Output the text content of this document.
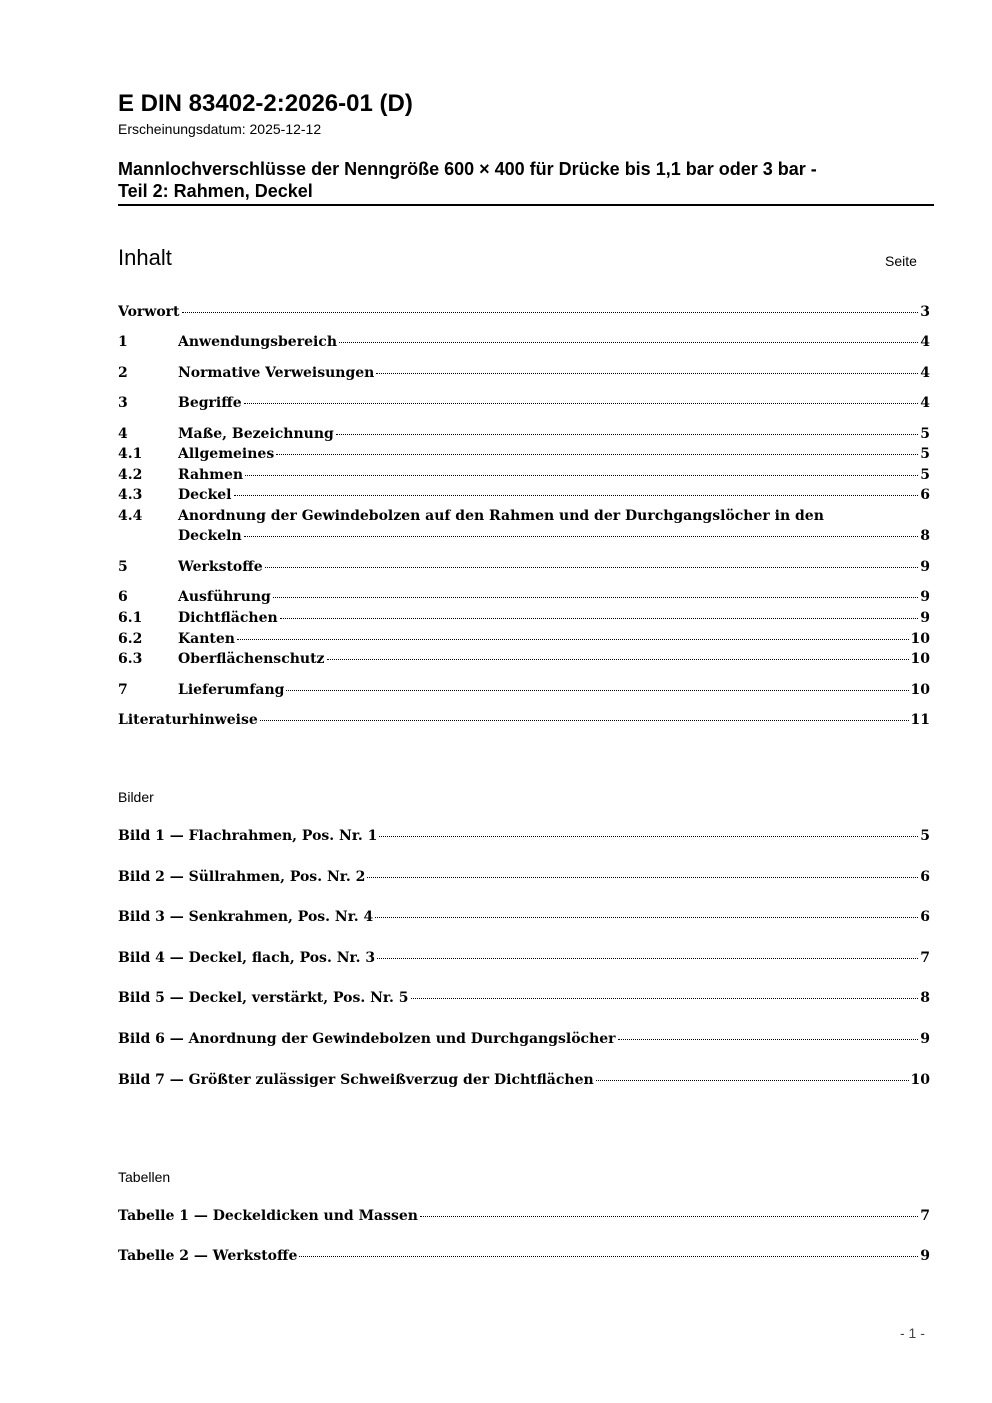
E DIN 83402-2:2026-01 (D)
Erscheinungsdatum: 2025-12-12
Mannlochverschlüsse der Nenngröße 600 × 400 für Drücke bis 1,1 bar oder 3 bar -
Teil 2: Rahmen, Deckel
Inhalt	Seite
Vorwort	3
1	Anwendungsbereich	4
2	Normative Verweisungen	4
3	Begriffe	4
4	Maße, Bezeichnung	5
4.1	Allgemeines	5
4.2	Rahmen	5
4.3	Deckel	6
4.4	Anordnung der Gewindebolzen auf den Rahmen und der Durchgangslöcher in den
Deckeln	8
5	Werkstoffe	9
6	Ausführung	9
6.1	Dichtflächen	9
6.2	Kanten	10
6.3	Oberflächenschutz	10
7	Lieferumfang	10
Literaturhinweise	11
Bilder
Bild 1 — Flachrahmen, Pos. Nr. 1	5
Bild 2 — Süllrahmen, Pos. Nr. 2	6
Bild 3 — Senkrahmen, Pos. Nr. 4	6
Bild 4 — Deckel, flach, Pos. Nr. 3	7
Bild 5 — Deckel, verstärkt, Pos. Nr. 5	8
Bild 6 — Anordnung der Gewindebolzen und Durchgangslöcher	9
Bild 7 — Größter zulässiger Schweißverzug der Dichtflächen	10
Tabellen
Tabelle 1 — Deckeldicken und Massen	7
Tabelle 2 — Werkstoffe	9
- 1 -
